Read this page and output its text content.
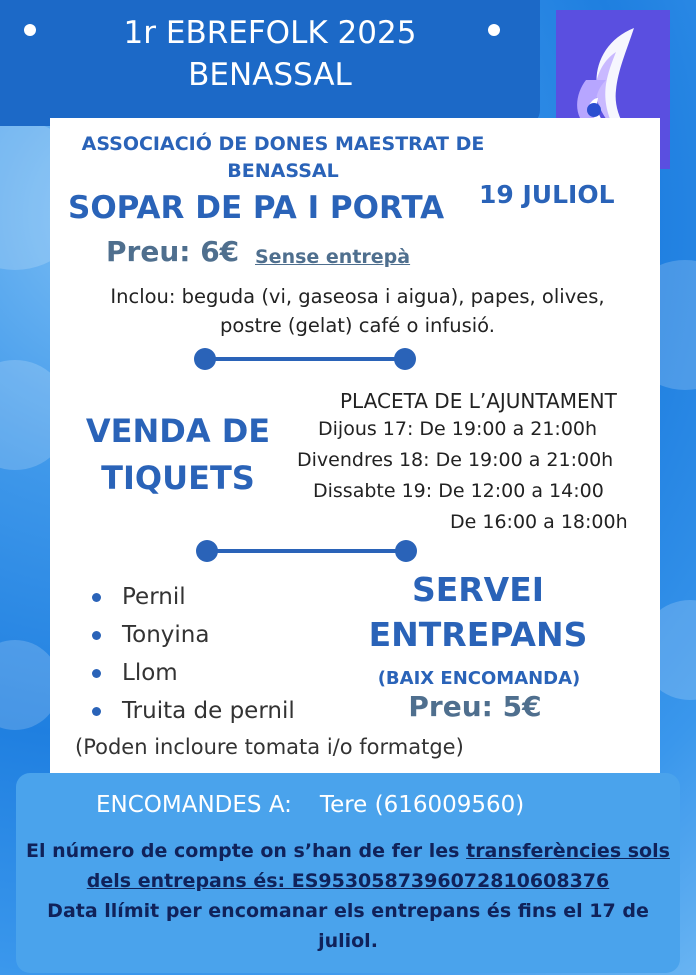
1r EBREFOLK 2025
BENASSAL
ASSOCIACIÓ DE DONES MAESTRAT DE BENASSAL
SOPAR DE PA I PORTA 19 JULIOL
Preu: 6€ Sense entrepà
Inclou: beguda (vi, gaseosa i aigua), papes, olives, postre (gelat) café o infusió.
VENDA DE TIQUETS
PLACETA DE L’AJUNTAMENT
Dijous 17: De 19:00 a 21:00h
Divendres 18: De 19:00 a 21:00h
Dissabte 19: De 12:00 a 14:00
De 16:00 a 18:00h
Pernil
Tonyina
Llom
Truita de pernil
SERVEI ENTREPANS
(BAIX ENCOMANDA)
Preu: 5€
(Poden incloure tomata i/o formatge)
ENCOMANDES A: Tere (616009560)
El número de compte on s’han de fer les transferències sols dels entrepans és: ES9530587396072810608376
Data llímit per encomanar els entrepans és fins el 17 de juliol.
